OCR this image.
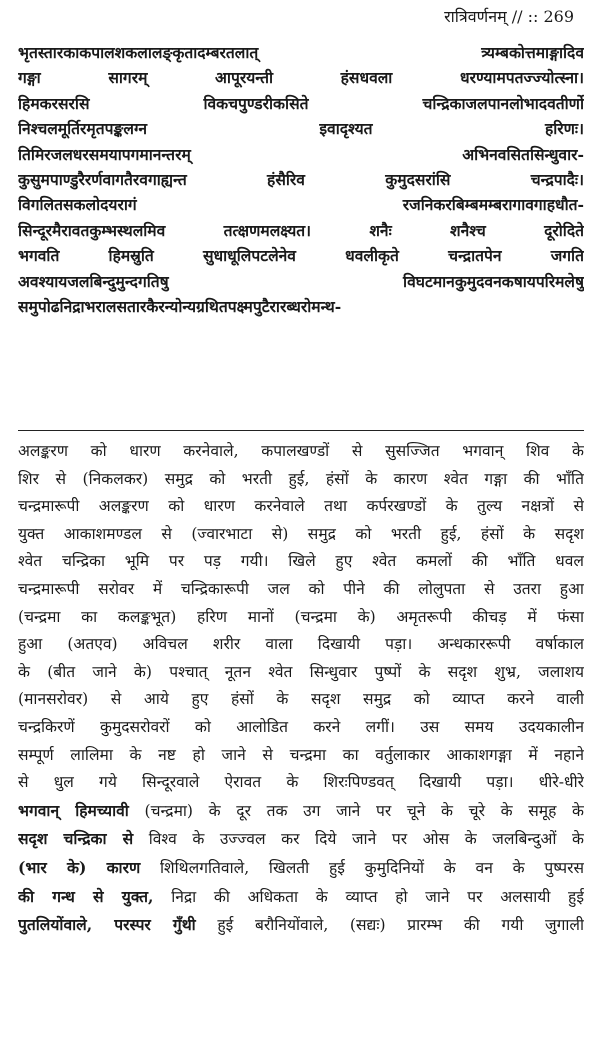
रात्रिवर्णनम् // :: 269
भृतस्तारकाकपालशकलालङ्कृतादम्बरतलात् त्र्यम्बकोत्तमाङ्गादिव
गङ्गा सागरम् आपूरयन्ती हंसधवला धरण्यामपतज्ज्योत्स्ना।
हिमकरसरसि विकचपुण्डरीकसिते चन्द्रिकाजलपानलोभादवतीर्णो
निश्चलमूर्तिरमृतपङ्कलग्न इवादृश्यत हरिणः।
तिमिरजलधरसमयापगमानन्तरम् अभिनवसितसिन्धुवार-
कुसुमपाण्डुरैरर्णवागतैरवगाह्यन्त हंसैरिव कुमुदसरांसि चन्द्रपादैः।
विगलितसकलोदयरागं रजनिकरबिम्बमम्बरागावगाहधौत-
सिन्दूरमैरावतकुम्भस्थलमिव तत्क्षणमलक्ष्यत। शनैः शनैश्च दूरोदिते
भगवति हिमस्रुति सुधाधूलिपटलेनेव धवलीकृते चन्द्रातपेन जगति
अवश्यायजलबिन्दुमुन्दगतिषु विघटमानकुमुदवनकषायपरिमलेषु
समुपोढनिद्राभरालसतारकैरन्योन्यग्रथितपक्ष्मपुटैरारब्धरोमन्थ-
अलङ्करण को धारण करनेवाले, कपालखण्डों से सुसज्जित भगवान् शिव के
शिर से (निकलकर) समुद्र को भरती हुई, हंसों के कारण श्वेत गङ्गा की भाँति
चन्द्रमारूपी अलङ्करण को धारण करनेवाले तथा कर्परखण्डों के तुल्य नक्षत्रों से
युक्त आकाशमण्डल से (ज्वारभाटा से) समुद्र को भरती हुई, हंसों के सदृश
श्वेत चन्द्रिका भूमि पर पड़ गयी। खिले हुए श्वेत कमलों की भाँति धवल
चन्द्रमारूपी सरोवर में चन्द्रिकारूपी जल को पीने की लोलुपता से उतरा हुआ
(चन्द्रमा का कलङ्कभूत) हरिण मानों (चन्द्रमा के) अमृतरूपी कीचड़ में फंसा
हुआ (अतएव) अविचल शरीर वाला दिखायी पड़ा। अन्धकाररूपी वर्षाकाल
के (बीत जाने के) पश्चात् नूतन श्वेत सिन्धुवार पुष्पों के सदृश शुभ्र, जलाशय
(मानसरोवर) से आये हुए हंसों के सदृश समुद्र को व्याप्त करने वाली
चन्द्रकिरणें कुमुदसरोवरों को आलोडित करने लगीं। उस समय उदयकालीन
सम्पूर्ण लालिमा के नष्ट हो जाने से चन्द्रमा का वर्तुलाकार आकाशगङ्गा में नहाने
से धुल गये सिन्दूरवाले ऐरावत के शिरःपिण्डवत् दिखायी पड़ा। धीरे-धीरे
भगवान् हिमच्यावी (चन्द्रमा) के दूर तक उग जाने पर चूने के चूरे के समूह के
सदृश चन्द्रिका से विश्व के उज्ज्वल कर दिये जाने पर ओस के जलबिन्दुओं के
(भार के) कारण शिथिलगतिवाले, खिलती हुई कुमुदिनियों के वन के पुष्परस
की गन्ध से युक्त, निद्रा की अधिकता के व्याप्त हो जाने पर अलसायी हुई
पुतलियोंवाले, परस्पर गुँथी हुई बरौनियोंवाले, (सद्यः) प्रारम्भ की गयी जुगाली
